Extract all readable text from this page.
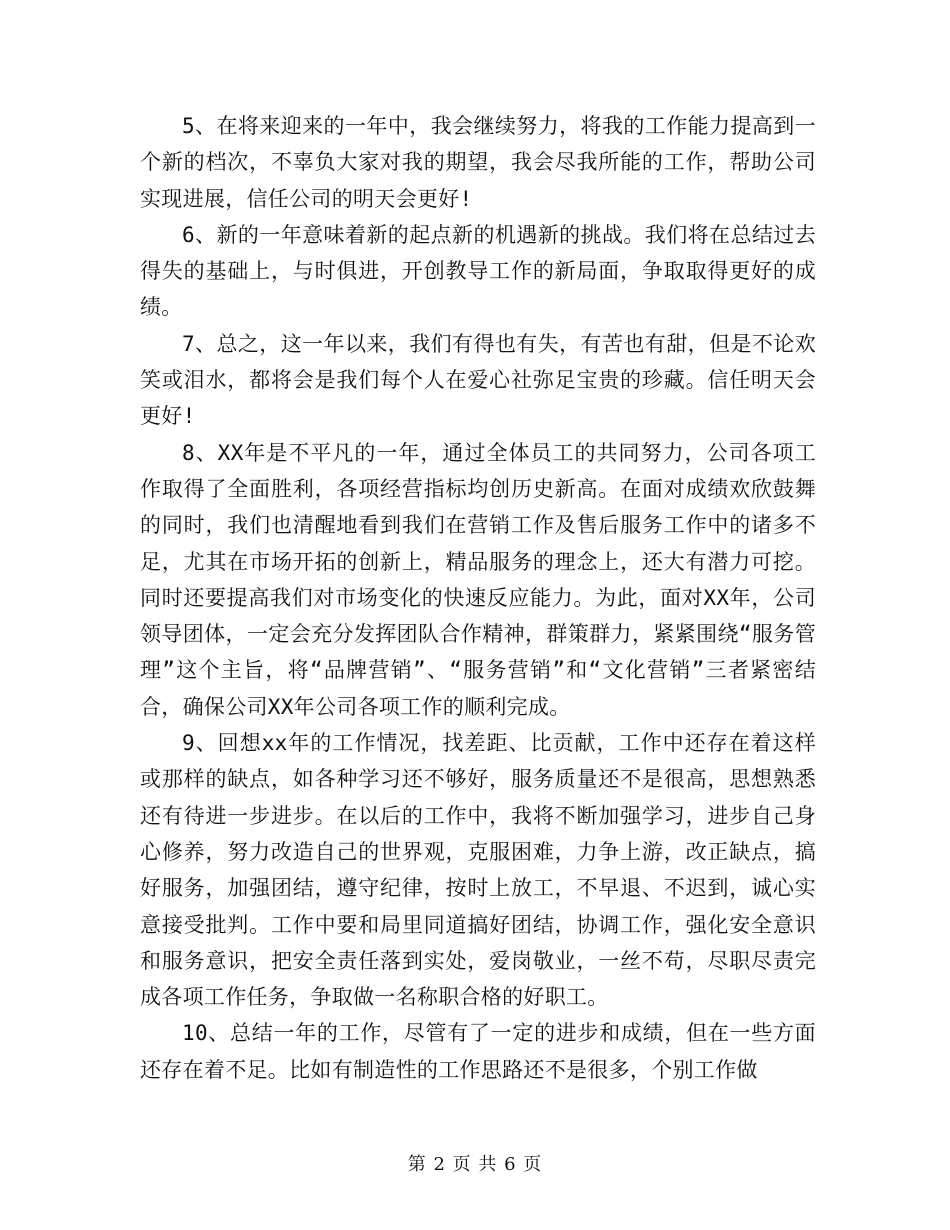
5、在将来迎来的一年中，我会继续努力，将我的工作能力提高到一个新的档次，不辜负大家对我的期望，我会尽我所能的工作，帮助公司实现进展，信任公司的明天会更好!

6、新的一年意味着新的起点新的机遇新的挑战。我们将在总结过去得失的基础上，与时俱进，开创教导工作的新局面，争取取得更好的成绩。

7、总之，这一年以来，我们有得也有失，有苦也有甜，但是不论欢笑或泪水，都将会是我们每个人在爱心社弥足宝贵的珍藏。信任明天会更好!

8、XX年是不平凡的一年，通过全体员工的共同努力，公司各项工作取得了全面胜利，各项经营指标均创历史新高。在面对成绩欢欣鼓舞的同时，我们也清醒地看到我们在营销工作及售后服务工作中的诸多不足，尤其在市场开拓的创新上，精品服务的理念上，还大有潜力可挖。同时还要提高我们对市场变化的快速反应能力。为此，面对XX年，公司领导团体，一定会充分发挥团队合作精神，群策群力，紧紧围绕“服务管理”这个主旨，将“品牌营销”、“服务营销”和“文化营销”三者紧密结合，确保公司XX年公司各项工作的顺利完成。

9、回想xx年的工作情况，找差距、比贡献，工作中还存在着这样或那样的缺点，如各种学习还不够好，服务质量还不是很高，思想熟悉还有待进一步进步。在以后的工作中，我将不断加强学习，进步自己身心修养，努力改造自己的世界观，克服困难，力争上游，改正缺点，搞好服务，加强团结，遵守纪律，按时上放工，不早退、不迟到，诚心实意接受批判。工作中要和局里同道搞好团结，协调工作，强化安全意识和服务意识，把安全责任落到实处，爱岗敬业，一丝不苟，尽职尽责完成各项工作任务，争取做一名称职合格的好职工。

10、总结一年的工作，尽管有了一定的进步和成绩，但在一些方面还存在着不足。比如有制造性的工作思路还不是很多，个别工作做

第 2 页 共 6 页
